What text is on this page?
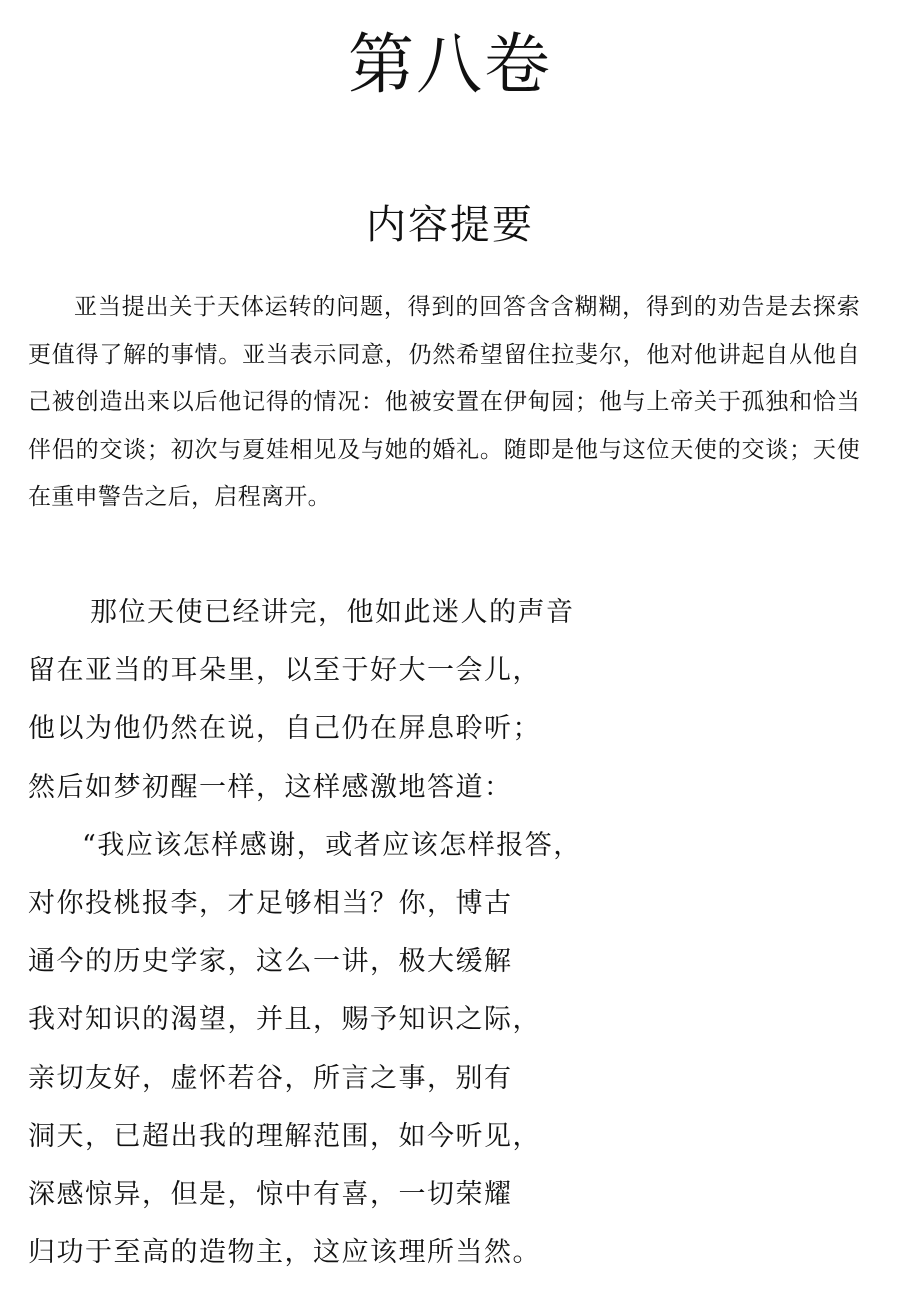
第八卷
内容提要

亚当提出关于天体运转的问题，得到的回答含含糊糊，得到的劝告是去探索更值得了解的事情。亚当表示同意，仍然希望留住拉斐尔，他对他讲起自从他自己被创造出来以后他记得的情况：他被安置在伊甸园；他与上帝关于孤独和恰当伴侣的交谈；初次与夏娃相见及与她的婚礼。随即是他与这位天使的交谈；天使在重申警告之后，启程离开。

那位天使已经讲完，他如此迷人的声音
留在亚当的耳朵里，以至于好大一会儿，
他以为他仍然在说，自己仍在屏息聆听；
然后如梦初醒一样，这样感激地答道：
“我应该怎样感谢，或者应该怎样报答，
对你投桃报李，才足够相当？你，博古
通今的历史学家，这么一讲，极大缓解
我对知识的渴望，并且，赐予知识之际，
亲切友好，虚怀若谷，所言之事，别有
洞天，已超出我的理解范围，如今听见，
深感惊异，但是，惊中有喜，一切荣耀
归功于至高的造物主，这应该理所当然。
